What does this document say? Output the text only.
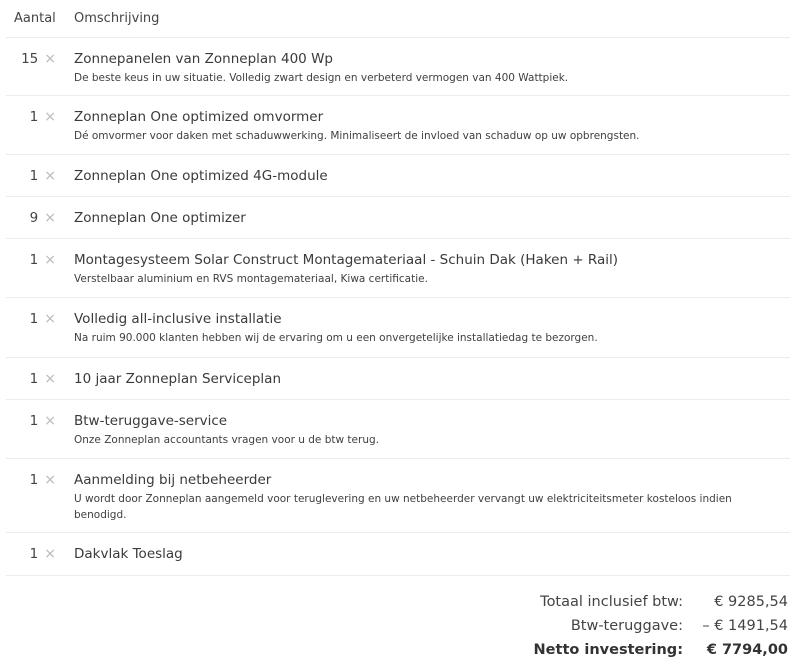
Aantal	Omschrijving
15 × Zonnepanelen van Zonneplan 400 Wp
De beste keus in uw situatie. Volledig zwart design en verbeterd vermogen van 400 Wattpiek.
1 × Zonneplan One optimized omvormer
Dé omvormer voor daken met schaduwwerking. Minimaliseert de invloed van schaduw op uw opbrengsten.
1 × Zonneplan One optimized 4G-module
9 × Zonneplan One optimizer
1 × Montagesysteem Solar Construct Montagemateriaal - Schuin Dak (Haken + Rail)
Verstelbaar aluminium en RVS montagemateriaal, Kiwa certificatie.
1 × Volledig all-inclusive installatie
Na ruim 90.000 klanten hebben wij de ervaring om u een onvergetelijke installatiedag te bezorgen.
1 × 10 jaar Zonneplan Serviceplan
1 × Btw-teruggave-service
Onze Zonneplan accountants vragen voor u de btw terug.
1 × Aanmelding bij netbeheerder
U wordt door Zonneplan aangemeld voor teruglevering en uw netbeheerder vervangt uw elektriciteitsmeter kosteloos indien benodigd.
1 × Dakvlak Toeslag
Totaal inclusief btw:	€ 9285,54
Btw-teruggave:	– € 1491,54
Netto investering:	€ 7794,00
